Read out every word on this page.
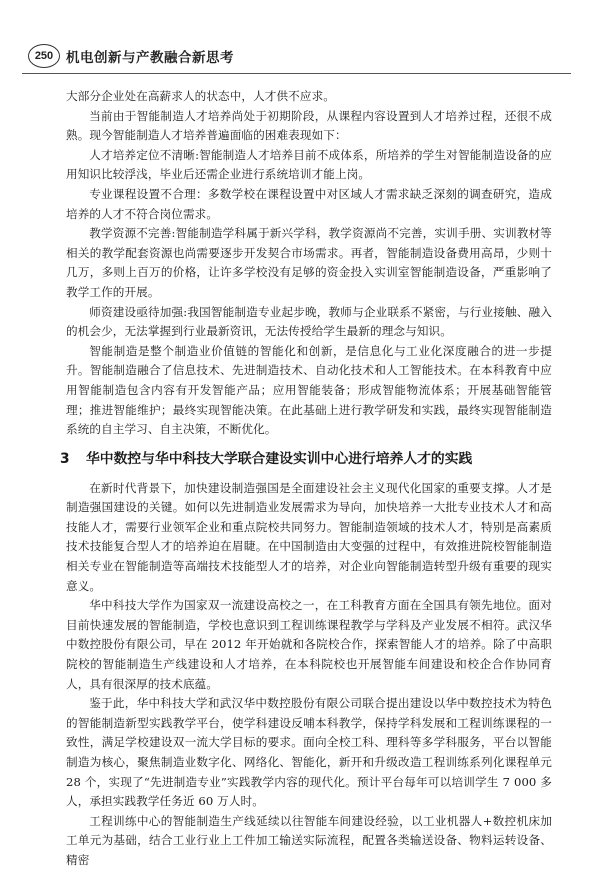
250 机电创新与产教融合新思考

大部分企业处在高薪求人的状态中，人才供不应求。

当前由于智能制造人才培养尚处于初期阶段，从课程内容设置到人才培养过程，还很不成熟。现今智能制造人才培养普遍面临的困难表现如下：

人才培养定位不清晰:智能制造人才培养目前不成体系，所培养的学生对智能制造设备的应用知识比较浮浅，毕业后还需企业进行系统培训才能上岗。

专业课程设置不合理：多数学校在课程设置中对区域人才需求缺乏深刻的调查研究，造成培养的人才不符合岗位需求。

教学资源不完善:智能制造学科属于新兴学科，教学资源尚不完善，实训手册、实训教材等相关的教学配套资源也尚需要逐步开发契合市场需求。再者，智能制造设备费用高昂，少则十几万，多则上百万的价格，让许多学校没有足够的资金投入实训室智能制造设备，严重影响了教学工作的开展。

师资建设亟待加强:我国智能制造专业起步晚，教师与企业联系不紧密，与行业接触、融入的机会少，无法掌握到行业最新资讯，无法传授给学生最新的理念与知识。

智能制造是整个制造业价值链的智能化和创新，是信息化与工业化深度融合的进一步提升。智能制造融合了信息技术、先进制造技术、自动化技术和人工智能技术。在本科教育中应用智能制造包含内容有开发智能产品；应用智能装备；形成智能物流体系；开展基础智能管理；推进智能维护；最终实现智能决策。在此基础上进行教学研发和实践，最终实现智能制造系统的自主学习、自主决策，不断优化。

3 华中数控与华中科技大学联合建设实训中心进行培养人才的实践

在新时代背景下，加快建设制造强国是全面建设社会主义现代化国家的重要支撑。人才是制造强国建设的关键。如何以先进制造业发展需求为导向，加快培养一大批专业技术人才和高技能人才，需要行业领军企业和重点院校共同努力。智能制造领域的技术人才，特别是高素质技术技能复合型人才的培养迫在眉睫。在中国制造由大变强的过程中，有效推进院校智能制造相关专业在智能制造等高端技术技能型人才的培养，对企业向智能制造转型升级有重要的现实意义。

华中科技大学作为国家双一流建设高校之一，在工科教育方面在全国具有领先地位。面对目前快速发展的智能制造，学校也意识到工程训练课程教学与学科及产业发展不相符。武汉华中数控股份有限公司，早在 2012 年开始就和各院校合作，探索智能人才的培养。除了中高职院校的智能制造生产线建设和人才培养，在本科院校也开展智能车间建设和校企合作协同育人，具有很深厚的技术底蕴。

鉴于此，华中科技大学和武汉华中数控股份有限公司联合提出建设以华中数控技术为特色的智能制造新型实践教学平台，使学科建设反哺本科教学，保持学科发展和工程训练课程的一致性，满足学校建设双一流大学目标的要求。面向全校工科、理科等多学科服务，平台以智能制造为核心，聚焦制造业数字化、网络化、智能化，新开和升级改造工程训练系列化课程单元 28 个，实现了“先进制造专业”实践教学内容的现代化。预计平台每年可以培训学生 7 000 多人，承担实践教学任务近 60 万人时。

工程训练中心的智能制造生产线延续以往智能车间建设经验，以工业机器人+数控机床加工单元为基础，结合工业行业上工件加工输送实际流程，配置各类输送设备、物料运转设备、精密
